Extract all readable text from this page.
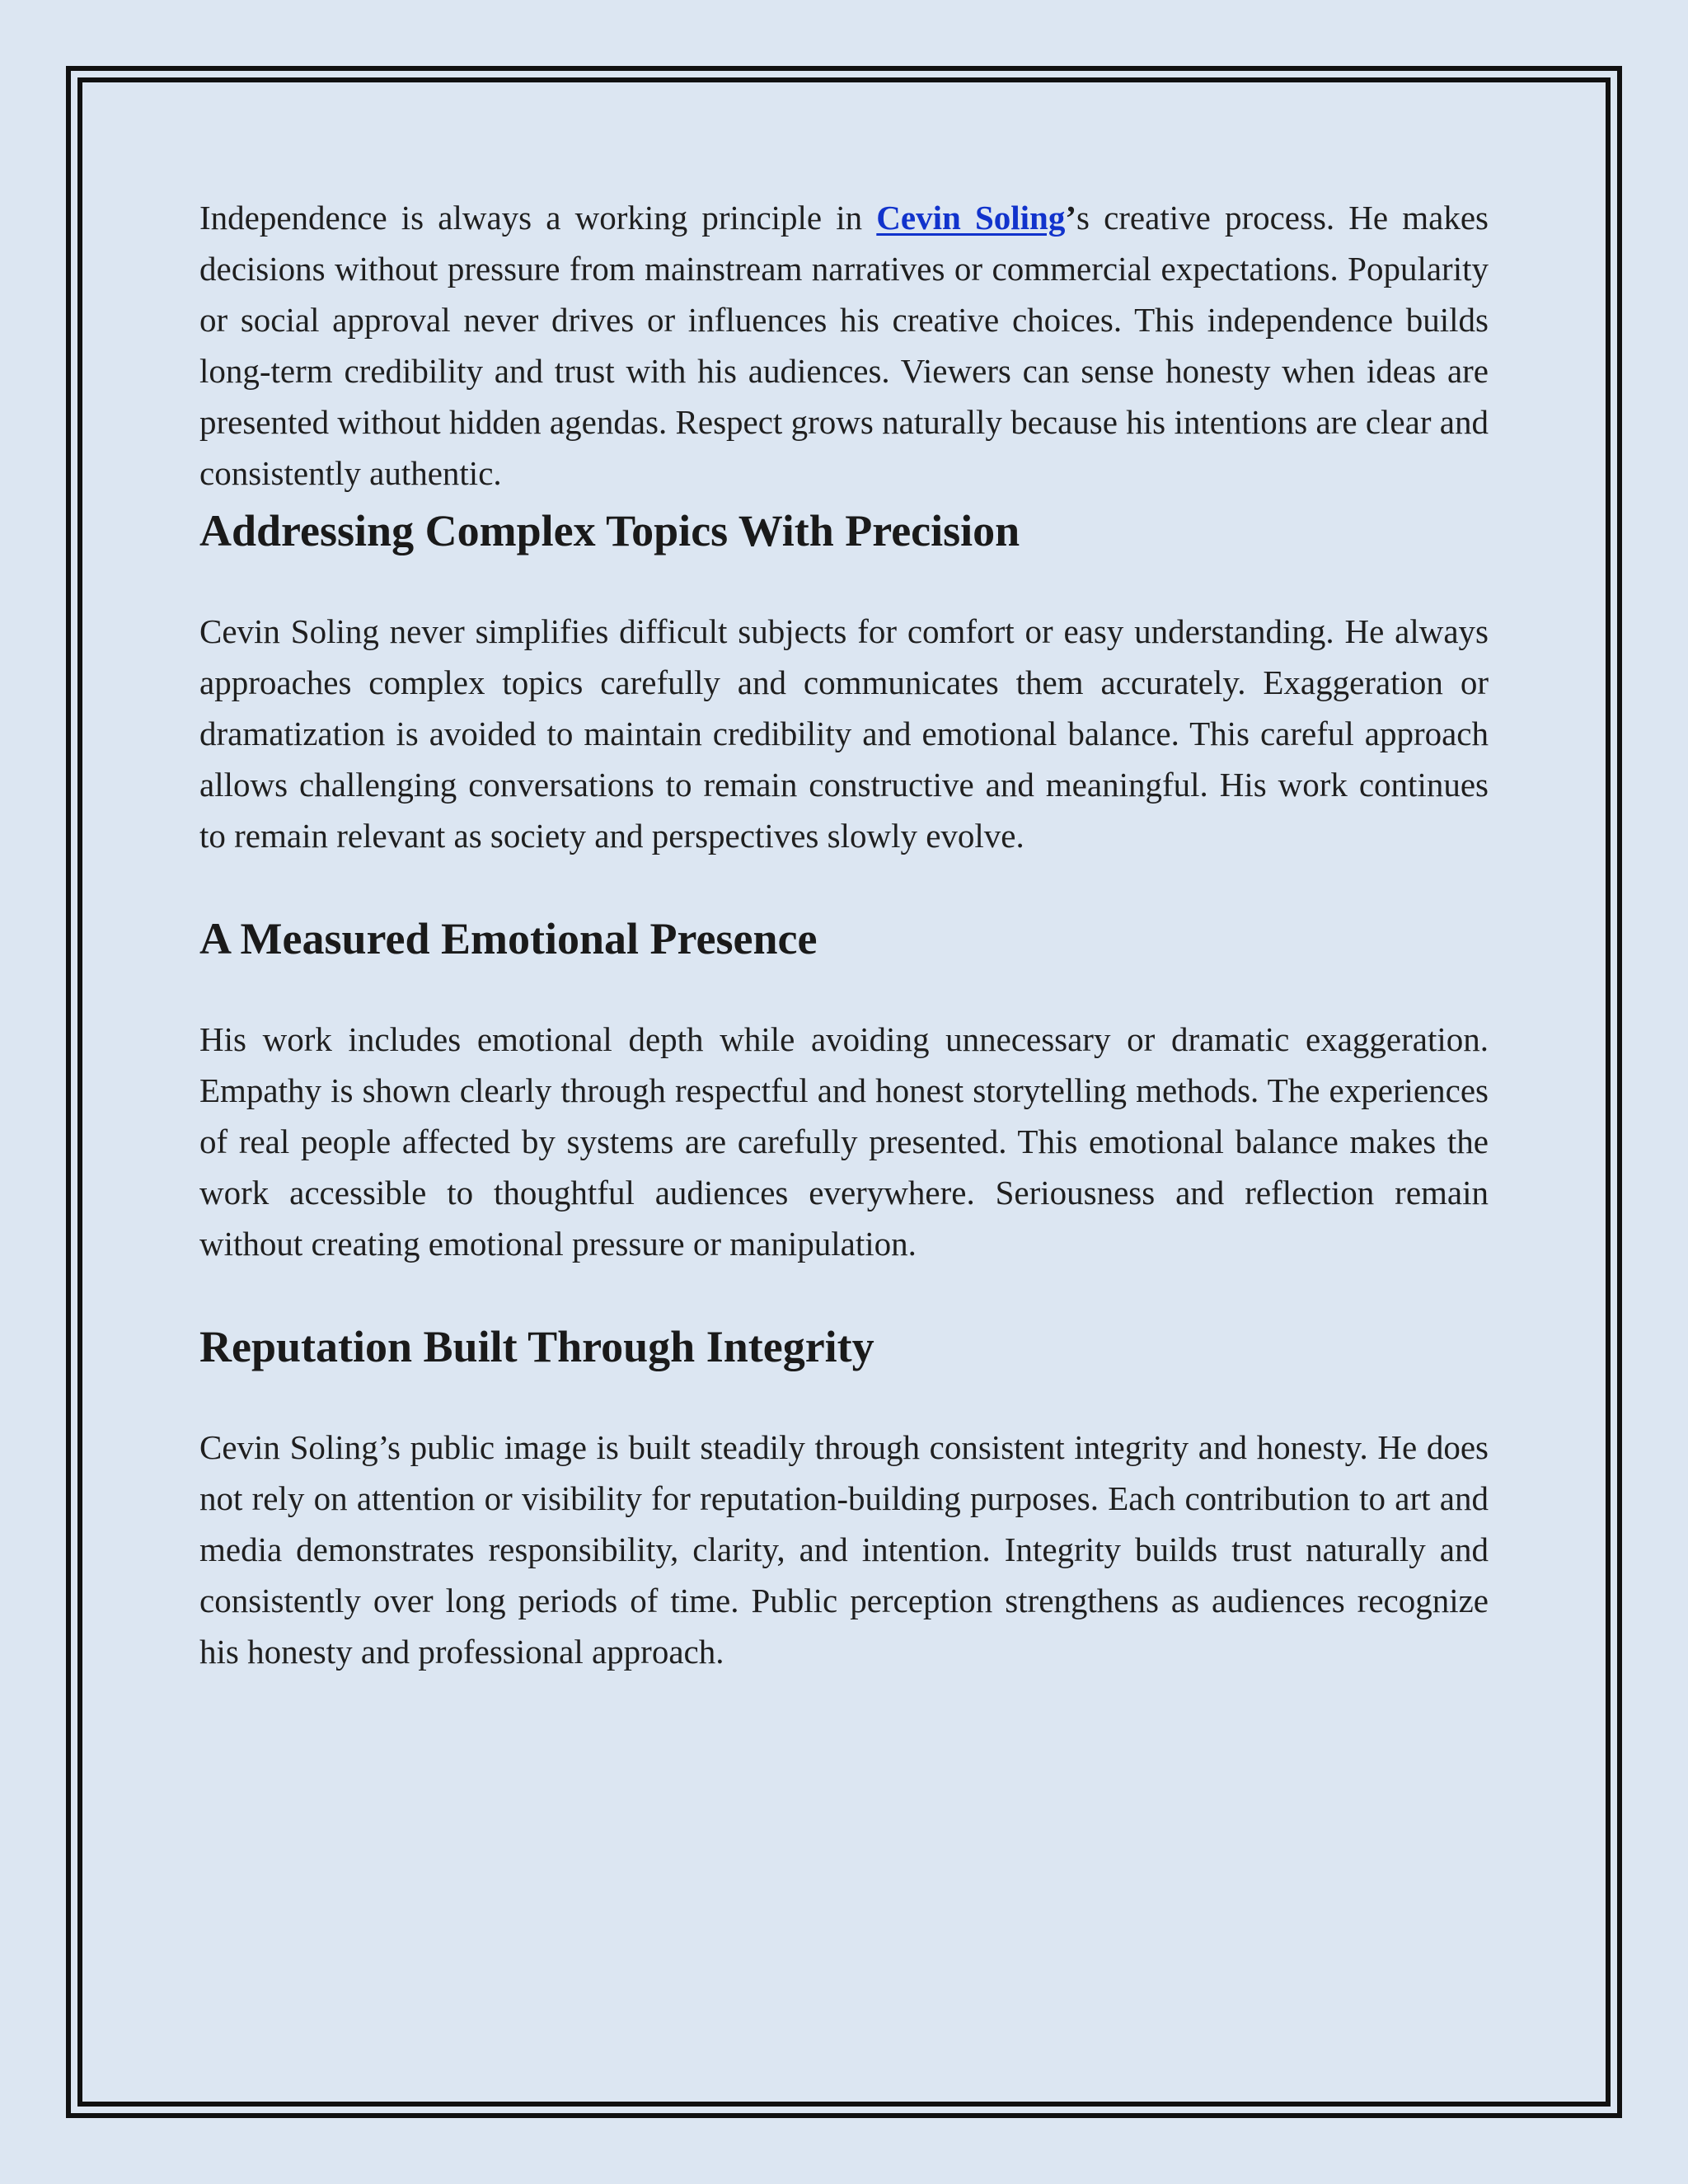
Independence is always a working principle in Cevin Soling’s creative process. He makes decisions without pressure from mainstream narratives or commercial expectations. Popularity or social approval never drives or influences his creative choices. This independence builds long-term credibility and trust with his audiences. Viewers can sense honesty when ideas are presented without hidden agendas. Respect grows naturally because his intentions are clear and consistently authentic.

Addressing Complex Topics With Precision

Cevin Soling never simplifies difficult subjects for comfort or easy understanding. He always approaches complex topics carefully and communicates them accurately. Exaggeration or dramatization is avoided to maintain credibility and emotional balance. This careful approach allows challenging conversations to remain constructive and meaningful. His work continues to remain relevant as society and perspectives slowly evolve.

A Measured Emotional Presence

His work includes emotional depth while avoiding unnecessary or dramatic exaggeration. Empathy is shown clearly through respectful and honest storytelling methods. The experiences of real people affected by systems are carefully presented. This emotional balance makes the work accessible to thoughtful audiences everywhere. Seriousness and reflection remain without creating emotional pressure or manipulation.

Reputation Built Through Integrity

Cevin Soling’s public image is built steadily through consistent integrity and honesty. He does not rely on attention or visibility for reputation-building purposes. Each contribution to art and media demonstrates responsibility, clarity, and intention. Integrity builds trust naturally and consistently over long periods of time. Public perception strengthens as audiences recognize his honesty and professional approach.
